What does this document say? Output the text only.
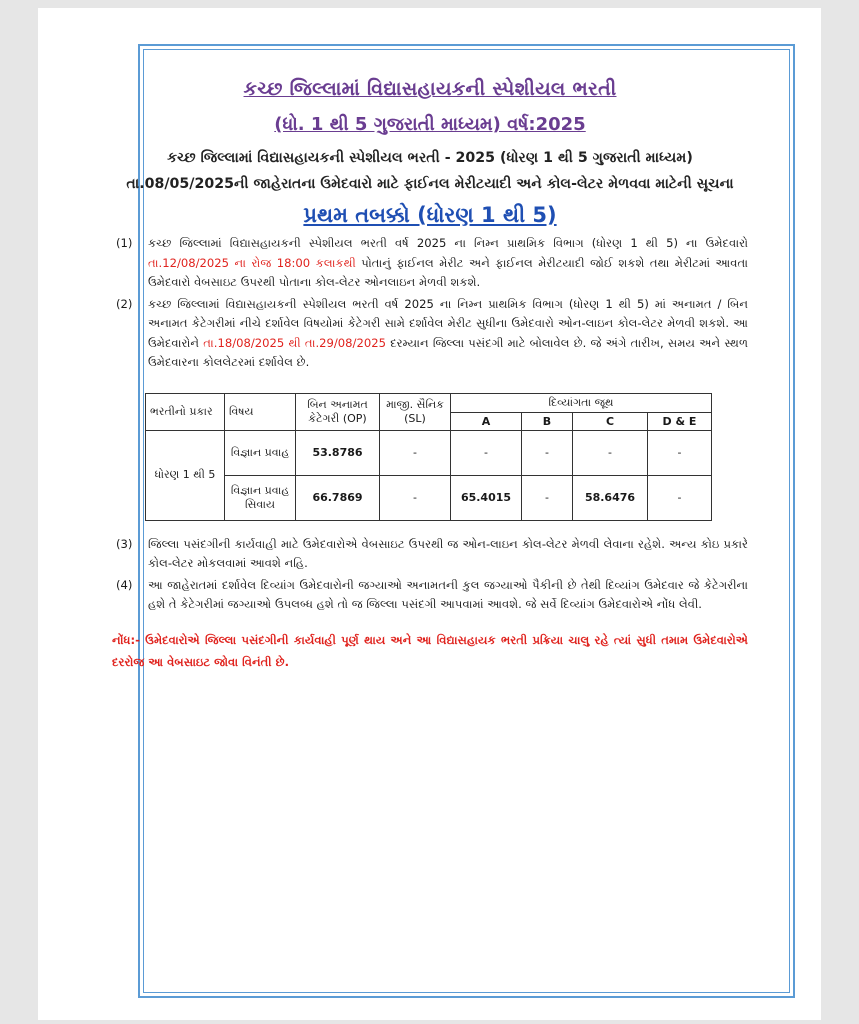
કચ્છ જિલ્લામાં વિદ્યાસહાયકની સ્પેશીયલ ભરતી

(ધો. 1 થી 5 ગુજરાતી માધ્યમ) વર્ષ:2025

કચ્છ જિલ્લામાં વિદ્યાસહાયકની સ્પેશીયલ ભરતી - 2025 (ધોરણ 1 થી 5 ગુજરાતી માધ્યમ) તા.08/05/2025ની જાહેરાતના ઉમેદવારો માટે ફાઈનલ મેરીટયાદી અને કોલ-લેટર મેળવવા માટેની સૂચના

પ્રથમ તબક્કો (ધોરણ 1 થી 5)

(1) કચ્છ જિલ્લામાં વિદ્યાસહાયકની સ્પેશીયલ ભરતી વર્ષ 2025 ના નિમ્ન પ્રાથમિક વિભાગ (ધોરણ 1 થી 5) ના ઉમેદવારો તા.12/08/2025 ના રોજ 18:00 કલાકથી પોતાનું ફાઈનલ મેરીટ અને ફાઈનલ મેરીટયાદી જોઈ શકશે તથા મેરીટમાં આવતા ઉમેદવારો વેબસાઇટ ઉપરથી પોતાના કોલ-લેટર ઓનલાઇન મેળવી શકશે.
(2) કચ્છ જિલ્લામાં વિદ્યાસહાયકની સ્પેશીયલ ભરતી વર્ષ 2025 ના નિમ્ન પ્રાથમિક વિભાગ (ધોરણ 1 થી 5) માં અનામત / બિન અનામત કેટેગરીમાં નીચે દર્શાવેલ વિષયોમાં કેટેગરી સામે દર્શાવેલ મેરીટ સુધીના ઉમેદવારો ઓન-લાઇન કોલ-લેટર મેળવી શકશે. આ ઉમેદવારોને તા.18/08/2025 થી તા.29/08/2025 દરમ્યાન જિલ્લા પસંદગી માટે બોલાવેલ છે. જે અંગે તારીખ, સમય અને સ્થળ ઉમેદવારના કોલલેટરમાં દર્શાવેલ છે.
ભરતીનો પ્રકાર	વિષય	બિન અનામત કેટેગરી (OP)	માજી. સૈનિક (SL)	દિવ્યાંગતા જૂથ			
				A	B	C	D & E
ધોરણ 1 થી 5	વિજ્ઞાન પ્રવાહ	53.8786	-	-	-	-	-
	વિજ્ઞાન પ્રવાહ સિવાય	66.7869	-	65.4015	-	58.6476	-
(3) જિલ્લા પસંદગીની કાર્યવાહી માટે ઉમેદવારોએ વેબસાઇટ ઉપરથી જ ઓન-લાઇન કોલ-લેટર મેળવી લેવાના રહેશે. અન્ય કોઇ પ્રકારે કોલ-લેટર મોકલવામાં આવશે નહિ.
(4) આ જાહેરાતમાં દર્શાવેલ દિવ્યાંગ ઉમેદવારોની જગ્યાઓ અનામતની કુલ જગ્યાઓ પૈકીની છે તેથી દિવ્યાંગ ઉમેદવાર જે કેટેગરીના હશે તે કેટેગરીમાં જગ્યાઓ ઉપલબ્ધ હશે તો જ જિલ્લા પસંદગી આપવામાં આવશે. જે સર્વે દિવ્યાંગ ઉમેદવારોએ નોંધ લેવી.

નોંધ:- ઉમેદવારોએ જિલ્લા પસંદગીની કાર્યવાહી પૂર્ણ થાય અને આ વિદ્યાસહાયક ભરતી પ્રક્રિયા ચાલુ રહે ત્યાં સુધી તમામ ઉમેદવારોએ દરરોજ આ વેબસાઇટ જોવા વિનંતી છે.
